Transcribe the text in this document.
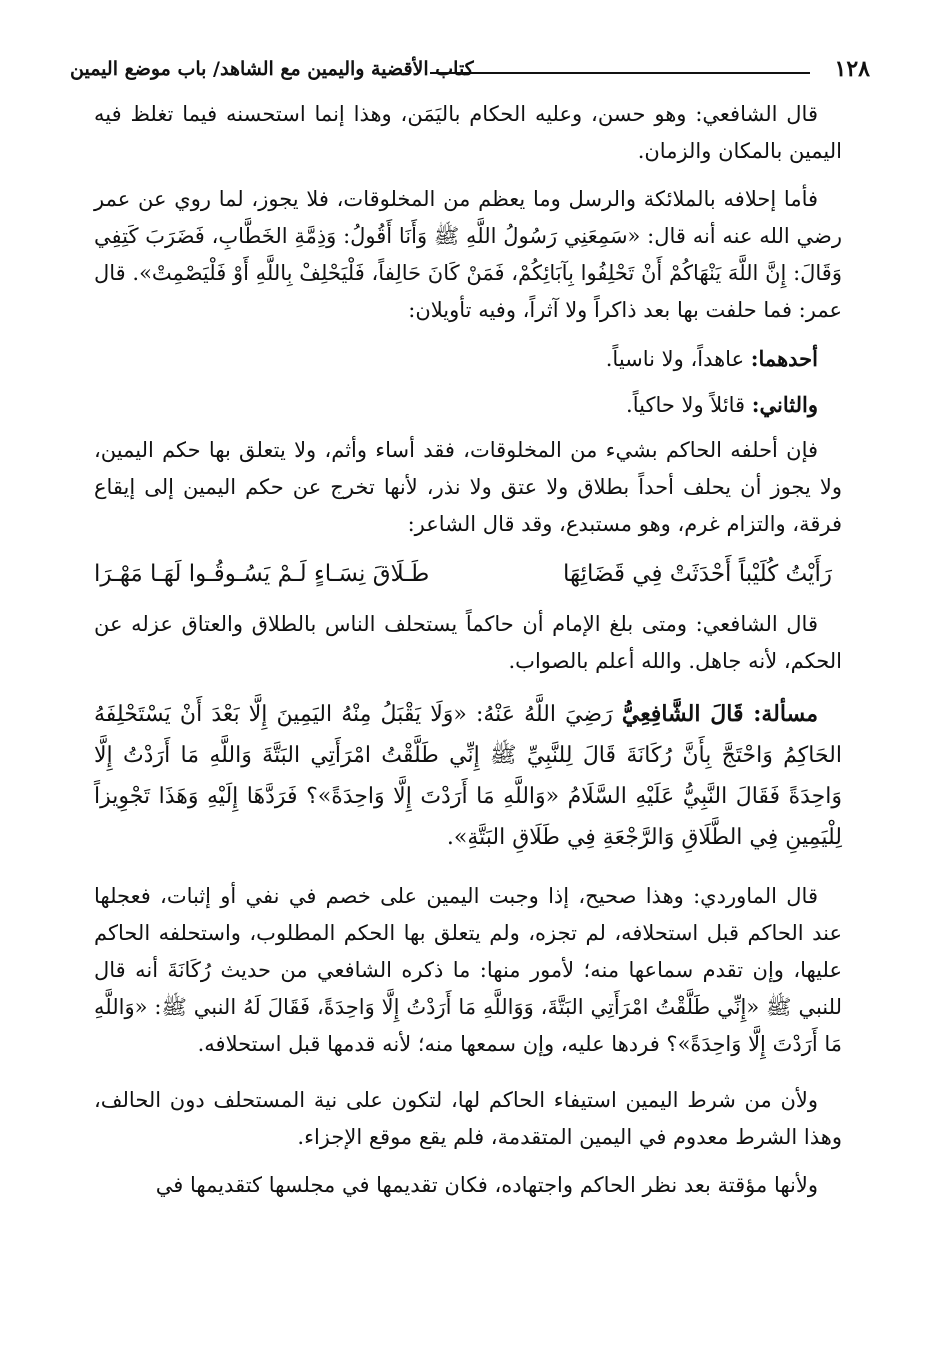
١٢٨
كتاب الأقضية واليمين مع الشاهد/ باب موضع اليمين

قال الشافعي: وهو حسن، وعليه الحكام باليَمَن، وهذا إنما استحسنه فيما تغلظ فيه اليمين بالمكان والزمان.

فأما إحلافه بالملائكة والرسل وما يعظم من المخلوقات، فلا يجوز، لما روي عن عمر رضي الله عنه أنه قال: «سَمِعَنِي رَسُولُ اللَّهِ ﷺ وَأَنَا أَقُولُ: وَذِمَّةِ الخَطَّابِ، فَضَرَبَ كَتِفِي وَقَالَ: إِنَّ اللَّهَ يَنْهَاكُمْ أَنْ تَحْلِفُوا بِآبَائِكُمْ، فَمَنْ كَانَ حَالِفاً، فَلْيَحْلِفْ بِاللَّهِ أَوْ فَلْيَصْمِتْ». قال عمر: فما حلفت بها بعد ذاكراً ولا آثراً، وفيه تأويلان:

أحدهما: عاهداً، ولا ناسياً.

والثاني: قائلاً ولا حاكياً.

فإن أحلفه الحاكم بشيء من المخلوقات، فقد أساء وأثم، ولا يتعلق بها حكم اليمين، ولا يجوز أن يحلف أحداً بطلاق ولا عتق ولا نذر، لأنها تخرج عن حكم اليمين إلى إيقاع فرقة، والتزام غرم، وهو مستبدع، وقد قال الشاعر:

رَأَيْتُ كُلَيْباً أَحْدَثَتْ فِي قَضَائِهَا
طَـلَاقَ نِسَـاءٍ لَـمْ يَسُـوقُـوا لَهَـا مَهْـرَا

قال الشافعي: ومتى بلغ الإمام أن حاكماً يستحلف الناس بالطلاق والعتاق عزله عن الحكم، لأنه جاهل. والله أعلم بالصواب.

مسألة: قَالَ الشَّافِعِيُّ رَضِيَ اللَّهُ عَنْهُ: «وَلَا يَقْبَلُ مِنْهُ اليَمِينَ إِلَّا بَعْدَ أَنْ يَسْتَحْلِفَهُ الحَاكِمُ وَاحْتَجَّ بِأَنَّ رُكَانَةَ قَالَ لِلنَّبِيِّ ﷺ إِنِّي طَلَّقْتُ امْرَأَتِي البَتَّةَ وَاللَّهِ مَا أَرَدْتُ إِلَّا وَاحِدَةً فَقَالَ النَّبِيُّ عَلَيْهِ السَّلَامُ «وَاللَّهِ مَا أَرَدْتَ إِلَّا وَاحِدَةً»؟ فَرَدَّهَا إِلَيْهِ وَهَذَا تَجْوِيزاً لِلْيَمِينِ فِي الطَّلَاقِ وَالرَّجْعَةِ فِي طَلَاقِ البَتَّةِ».

قال الماوردي: وهذا صحيح، إذا وجبت اليمين على خصم في نفي أو إثبات، فعجلها عند الحاكم قبل استحلافه، لم تجزه، ولم يتعلق بها الحكم المطلوب، واستحلفه الحاكم عليها، وإن تقدم سماعها منه؛ لأمور منها: ما ذكره الشافعي من حديث رُكَانَةَ أنه قال للنبي ﷺ «إِنِّي طَلَّقْتُ امْرَأَتِي البَتَّةَ، وَوَاللَّهِ مَا أَرَدْتُ إِلَّا وَاحِدَةً، فَقَالَ لَهُ النبي ﷺ: «وَاللَّهِ مَا أَرَدْتَ إِلَّا وَاحِدَةً»؟ فردها عليه، وإن سمعها منه؛ لأنه قدمها قبل استحلافه.

ولأن من شرط اليمين استيفاء الحاكم لها، لتكون على نية المستحلف دون الحالف، وهذا الشرط معدوم في اليمين المتقدمة، فلم يقع موقع الإجزاء.

ولأنها مؤقتة بعد نظر الحاكم واجتهاده، فكان تقديمها في مجلسها كتقديمها في
